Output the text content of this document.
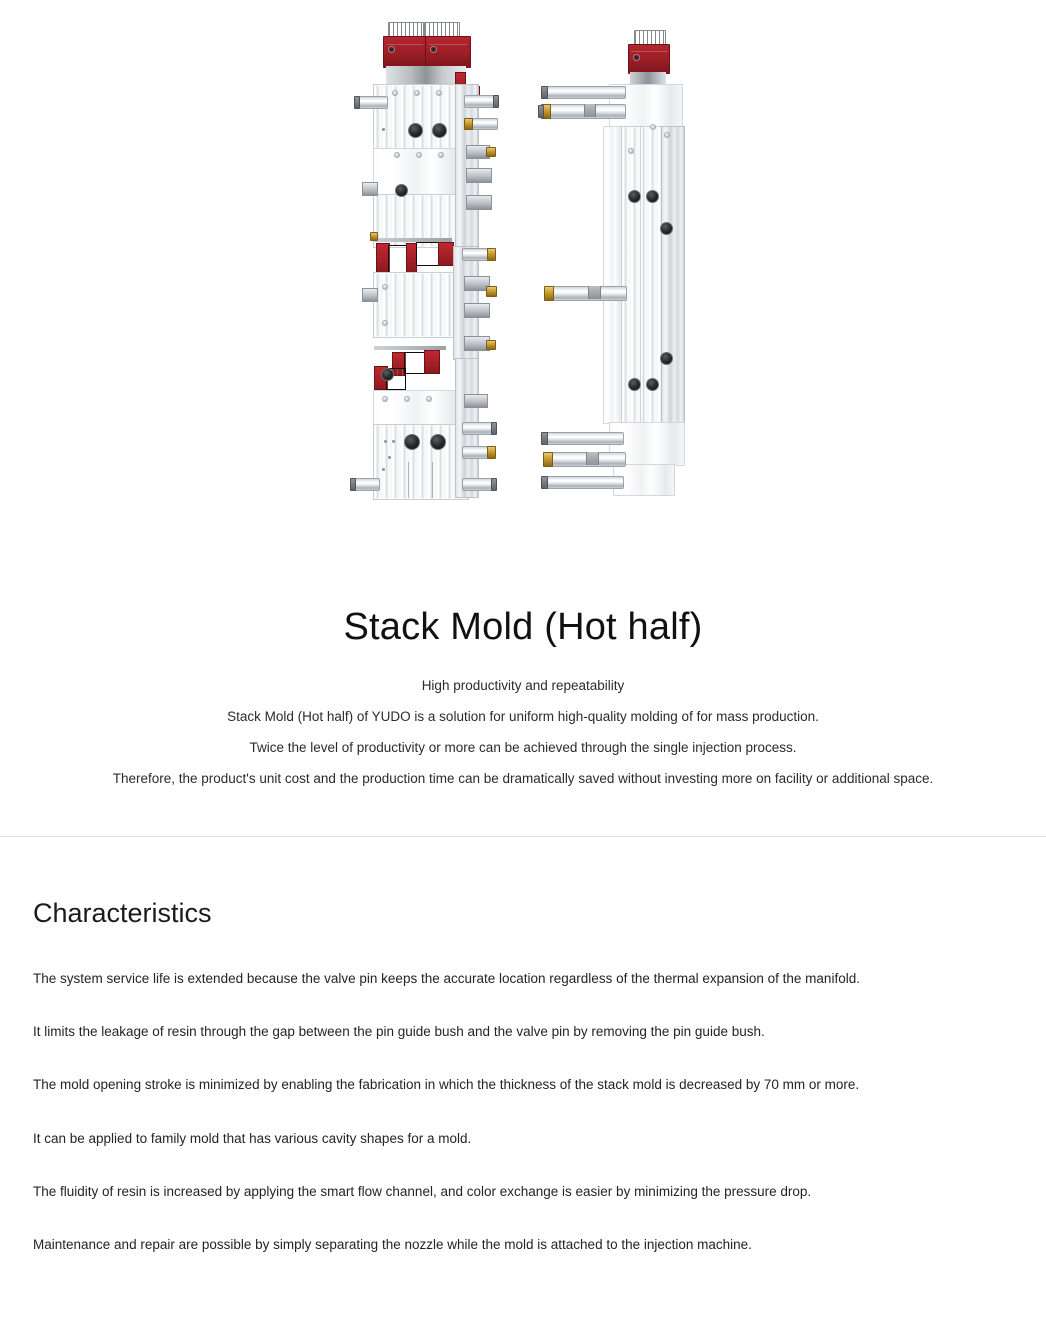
Stack Mold (Hot half)

High productivity and repeatability

Stack Mold (Hot half) of YUDO is a solution for uniform high-quality molding of for mass production.

Twice the level of productivity or more can be achieved through the single injection process.

Therefore, the product's unit cost and the production time can be dramatically saved without investing more on facility or additional space.

Characteristics
The system service life is extended because the valve pin keeps the accurate location regardless of the thermal expansion of the manifold.
It limits the leakage of resin through the gap between the pin guide bush and the valve pin by removing the pin guide bush.
The mold opening stroke is minimized by enabling the fabrication in which the thickness of the stack mold is decreased by 70 mm or more.
It can be applied to family mold that has various cavity shapes for a mold.
The fluidity of resin is increased by applying the smart flow channel, and color exchange is easier by minimizing the pressure drop.
Maintenance and repair are possible by simply separating the nozzle while the mold is attached to the injection machine.
